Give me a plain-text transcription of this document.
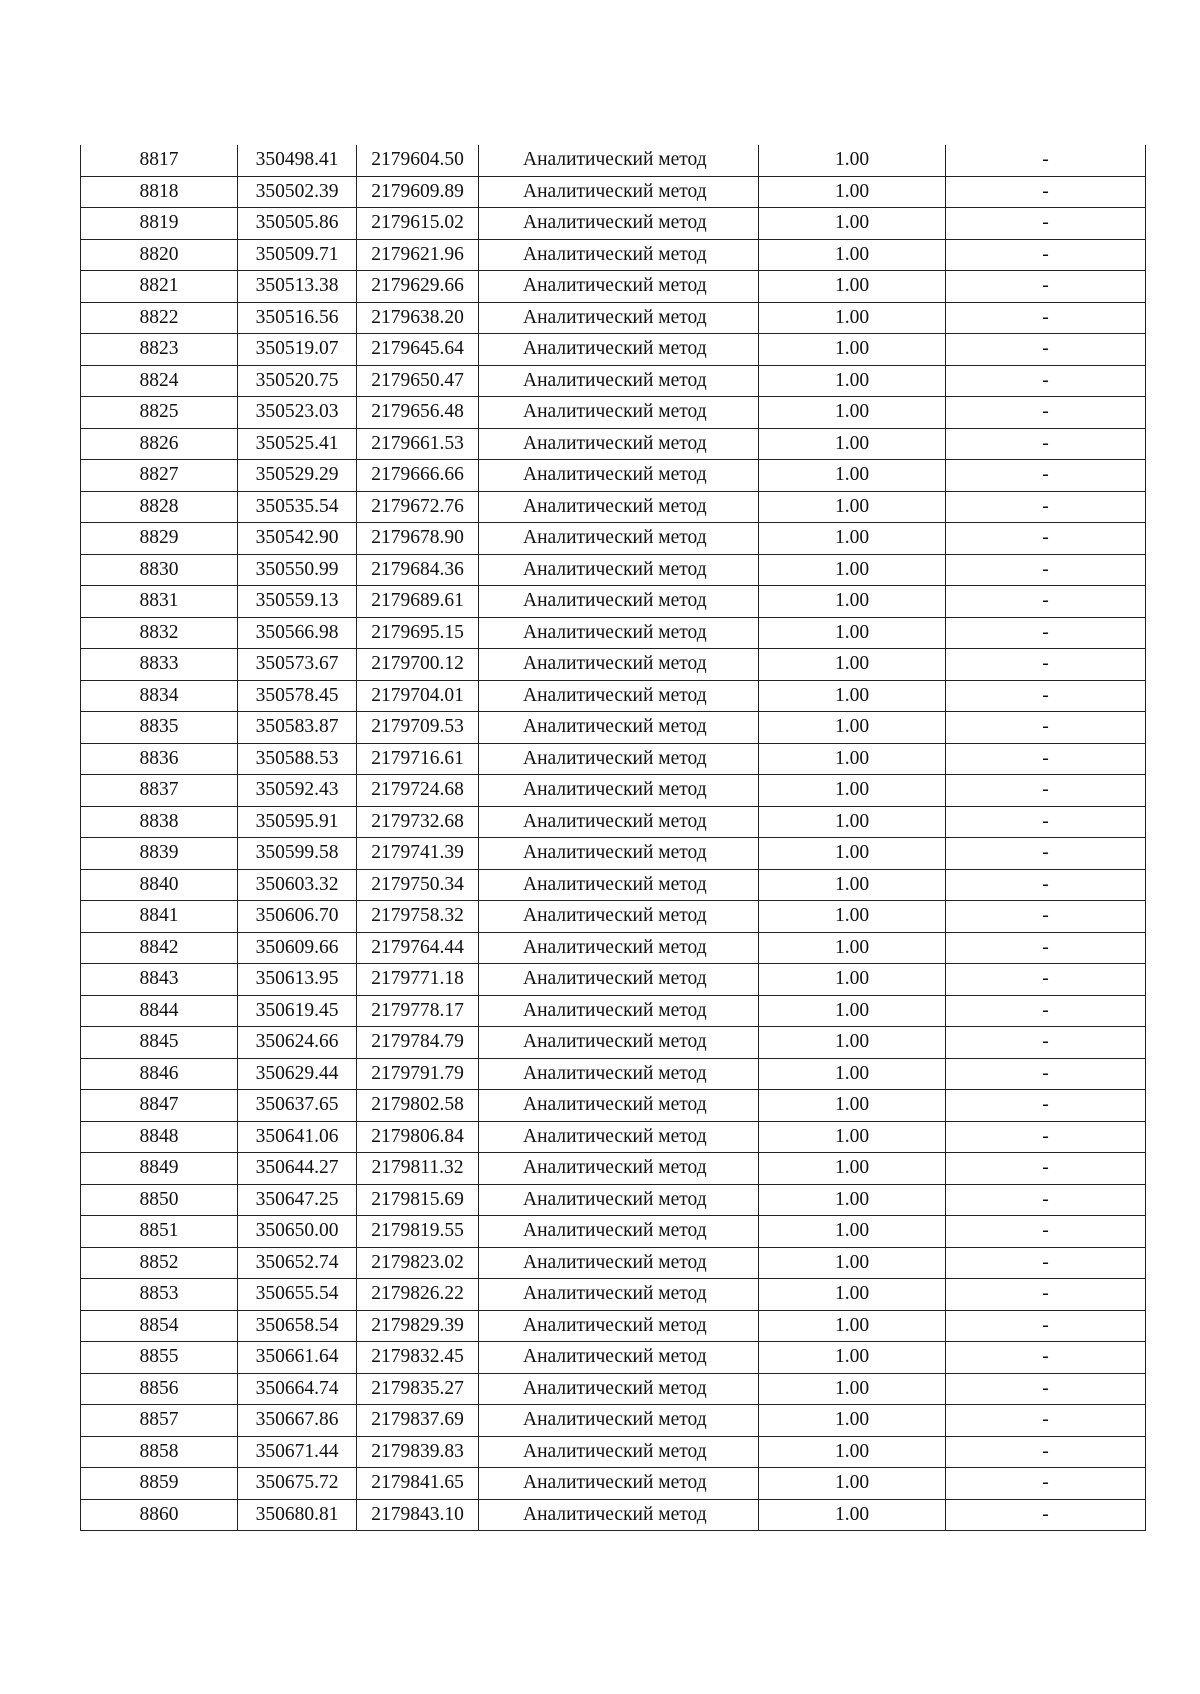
8817	350498.41	2179604.50	Аналитический метод	1.00	-
8818	350502.39	2179609.89	Аналитический метод	1.00	-
8819	350505.86	2179615.02	Аналитический метод	1.00	-
8820	350509.71	2179621.96	Аналитический метод	1.00	-
8821	350513.38	2179629.66	Аналитический метод	1.00	-
8822	350516.56	2179638.20	Аналитический метод	1.00	-
8823	350519.07	2179645.64	Аналитический метод	1.00	-
8824	350520.75	2179650.47	Аналитический метод	1.00	-
8825	350523.03	2179656.48	Аналитический метод	1.00	-
8826	350525.41	2179661.53	Аналитический метод	1.00	-
8827	350529.29	2179666.66	Аналитический метод	1.00	-
8828	350535.54	2179672.76	Аналитический метод	1.00	-
8829	350542.90	2179678.90	Аналитический метод	1.00	-
8830	350550.99	2179684.36	Аналитический метод	1.00	-
8831	350559.13	2179689.61	Аналитический метод	1.00	-
8832	350566.98	2179695.15	Аналитический метод	1.00	-
8833	350573.67	2179700.12	Аналитический метод	1.00	-
8834	350578.45	2179704.01	Аналитический метод	1.00	-
8835	350583.87	2179709.53	Аналитический метод	1.00	-
8836	350588.53	2179716.61	Аналитический метод	1.00	-
8837	350592.43	2179724.68	Аналитический метод	1.00	-
8838	350595.91	2179732.68	Аналитический метод	1.00	-
8839	350599.58	2179741.39	Аналитический метод	1.00	-
8840	350603.32	2179750.34	Аналитический метод	1.00	-
8841	350606.70	2179758.32	Аналитический метод	1.00	-
8842	350609.66	2179764.44	Аналитический метод	1.00	-
8843	350613.95	2179771.18	Аналитический метод	1.00	-
8844	350619.45	2179778.17	Аналитический метод	1.00	-
8845	350624.66	2179784.79	Аналитический метод	1.00	-
8846	350629.44	2179791.79	Аналитический метод	1.00	-
8847	350637.65	2179802.58	Аналитический метод	1.00	-
8848	350641.06	2179806.84	Аналитический метод	1.00	-
8849	350644.27	2179811.32	Аналитический метод	1.00	-
8850	350647.25	2179815.69	Аналитический метод	1.00	-
8851	350650.00	2179819.55	Аналитический метод	1.00	-
8852	350652.74	2179823.02	Аналитический метод	1.00	-
8853	350655.54	2179826.22	Аналитический метод	1.00	-
8854	350658.54	2179829.39	Аналитический метод	1.00	-
8855	350661.64	2179832.45	Аналитический метод	1.00	-
8856	350664.74	2179835.27	Аналитический метод	1.00	-
8857	350667.86	2179837.69	Аналитический метод	1.00	-
8858	350671.44	2179839.83	Аналитический метод	1.00	-
8859	350675.72	2179841.65	Аналитический метод	1.00	-
8860	350680.81	2179843.10	Аналитический метод	1.00	-
